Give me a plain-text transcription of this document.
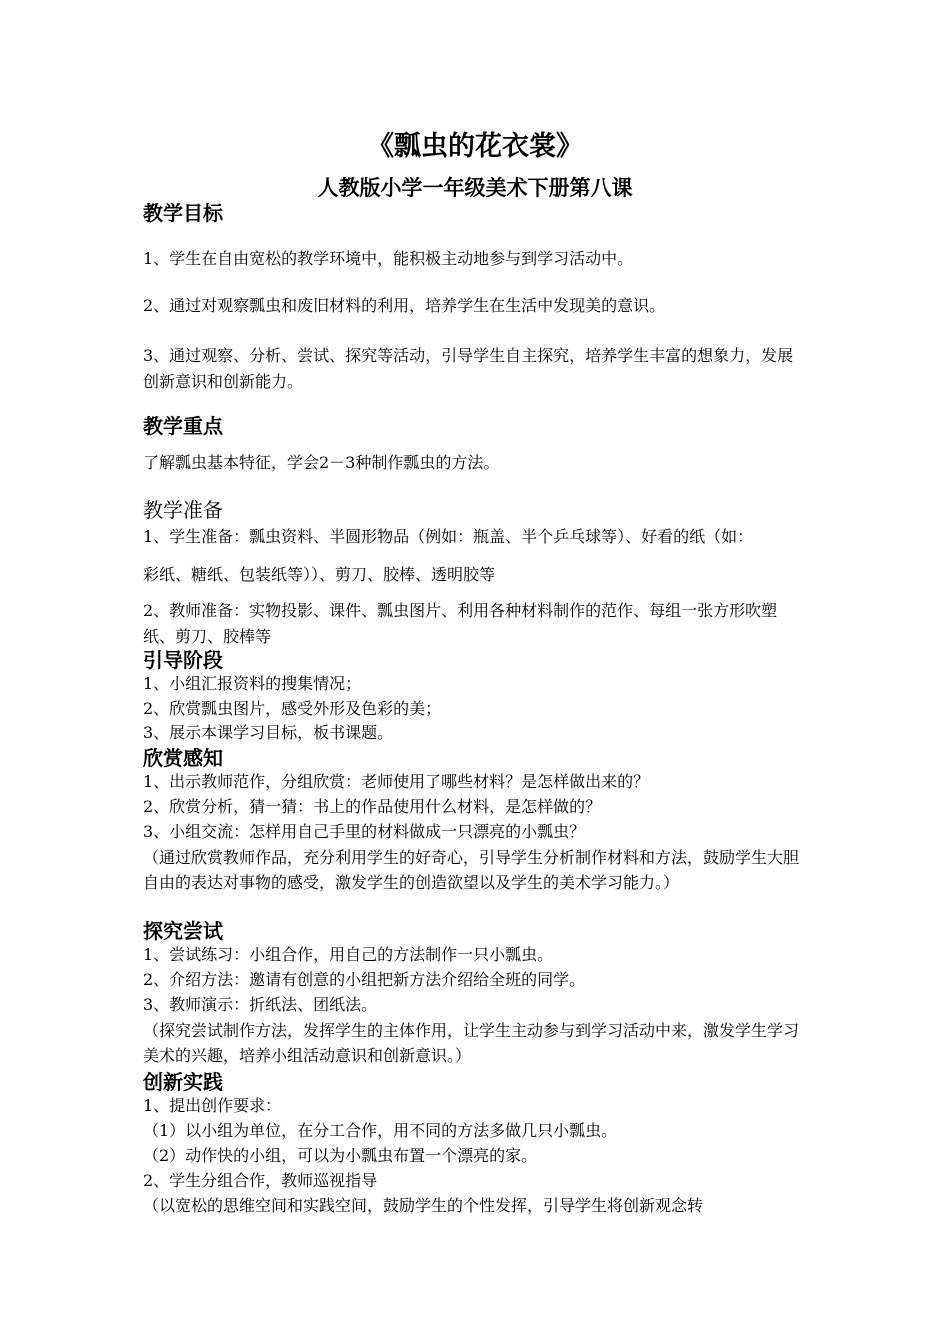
《瓢虫的花衣裳》
人教版小学一年级美术下册第八课
教学目标
1、学生在自由宽松的教学环境中，能积极主动地参与到学习活动中。
2、通过对观察瓢虫和废旧材料的利用，培养学生在生活中发现美的意识。
3、通过观察、分析、尝试、探究等活动，引导学生自主探究，培养学生丰富的想象力，发展创新意识和创新能力。
教学重点
了解瓢虫基本特征，学会2－3种制作瓢虫的方法。
教学准备
1、学生准备：瓢虫资料、半圆形物品（例如：瓶盖、半个乒乓球等）、好看的纸（如：
彩纸、糖纸、包装纸等））、剪刀、胶棒、透明胶等
2、教师准备：实物投影、课件、瓢虫图片、利用各种材料制作的范作、每组一张方形吹塑纸、剪刀、胶棒等
引导阶段
1、小组汇报资料的搜集情况；
2、欣赏瓢虫图片，感受外形及色彩的美；
3、展示本课学习目标，板书课题。
欣赏感知
1、出示教师范作，分组欣赏：老师使用了哪些材料？是怎样做出来的？
2、欣赏分析，猜一猜：书上的作品使用什么材料，是怎样做的？
3、小组交流：怎样用自己手里的材料做成一只漂亮的小瓢虫？
（通过欣赏教师作品，充分利用学生的好奇心，引导学生分析制作材料和方法，鼓励学生大胆自由的表达对事物的感受，激发学生的创造欲望以及学生的美术学习能力。）
探究尝试
1、尝试练习：小组合作，用自己的方法制作一只小瓢虫。
2、介绍方法：邀请有创意的小组把新方法介绍给全班的同学。
3、教师演示：折纸法、团纸法。
（探究尝试制作方法，发挥学生的主体作用，让学生主动参与到学习活动中来，激发学生学习美术的兴趣，培养小组活动意识和创新意识。）
创新实践
1、提出创作要求：
（1）以小组为单位，在分工合作，用不同的方法多做几只小瓢虫。
（2）动作快的小组，可以为小瓢虫布置一个漂亮的家。
2、学生分组合作，教师巡视指导
（以宽松的思维空间和实践空间，鼓励学生的个性发挥，引导学生将创新观念转
